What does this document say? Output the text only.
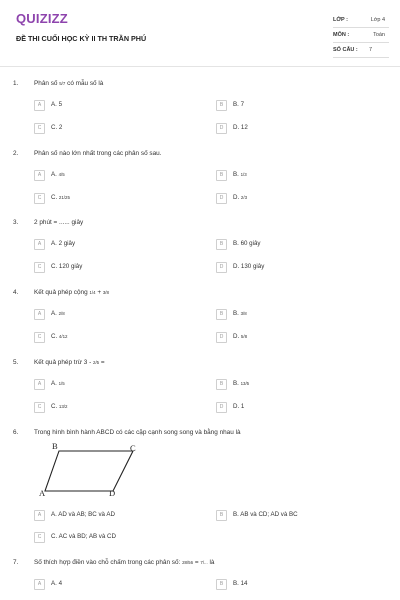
QUIZIZZ
ĐỀ THI CUỐI HỌC KỲ II TH TRẦN PHÚ
LỚP :	Lớp 4
MÔN :	Toán
SỐ CÂU : 7
1. Phân số 5/7 có mẫu số là
A	A. 5	B	B. 7
C	C. 2	D	D. 12
2. Phân số nào lớn nhất trong các phân số sau.
A	A. 4/5	B	B. 1/3
C	C. 21/25	D	D. 2/3
3. 2 phút = ...... giây
A	A. 2 giây	B	B. 60 giây
C	C. 120 giây	D	D. 130 giây
4. Kết quả phép cộng 1/4 + 3/8
A	A. 2/8	B	B. 3/8
C	C. 4/12	D	D. 5/8
5. Kết quả phép trừ 3 - 2/5 =
A	A. 1/5	B	B. 13/5
C	C. 13/2	D	D. 1
6. Trong hình bình hành ABCD có các cặp cạnh song song và bằng nhau là
A	A. AD và AB; BC và AD	B	B. AB và CD; AD và BC
C	C. AC và BD; AB và CD
B	C
A	D
7. Số thích hợp điền vào chỗ chấm trong các phân số: 28/56 = 7/... là
A	A. 4	B	B. 14
